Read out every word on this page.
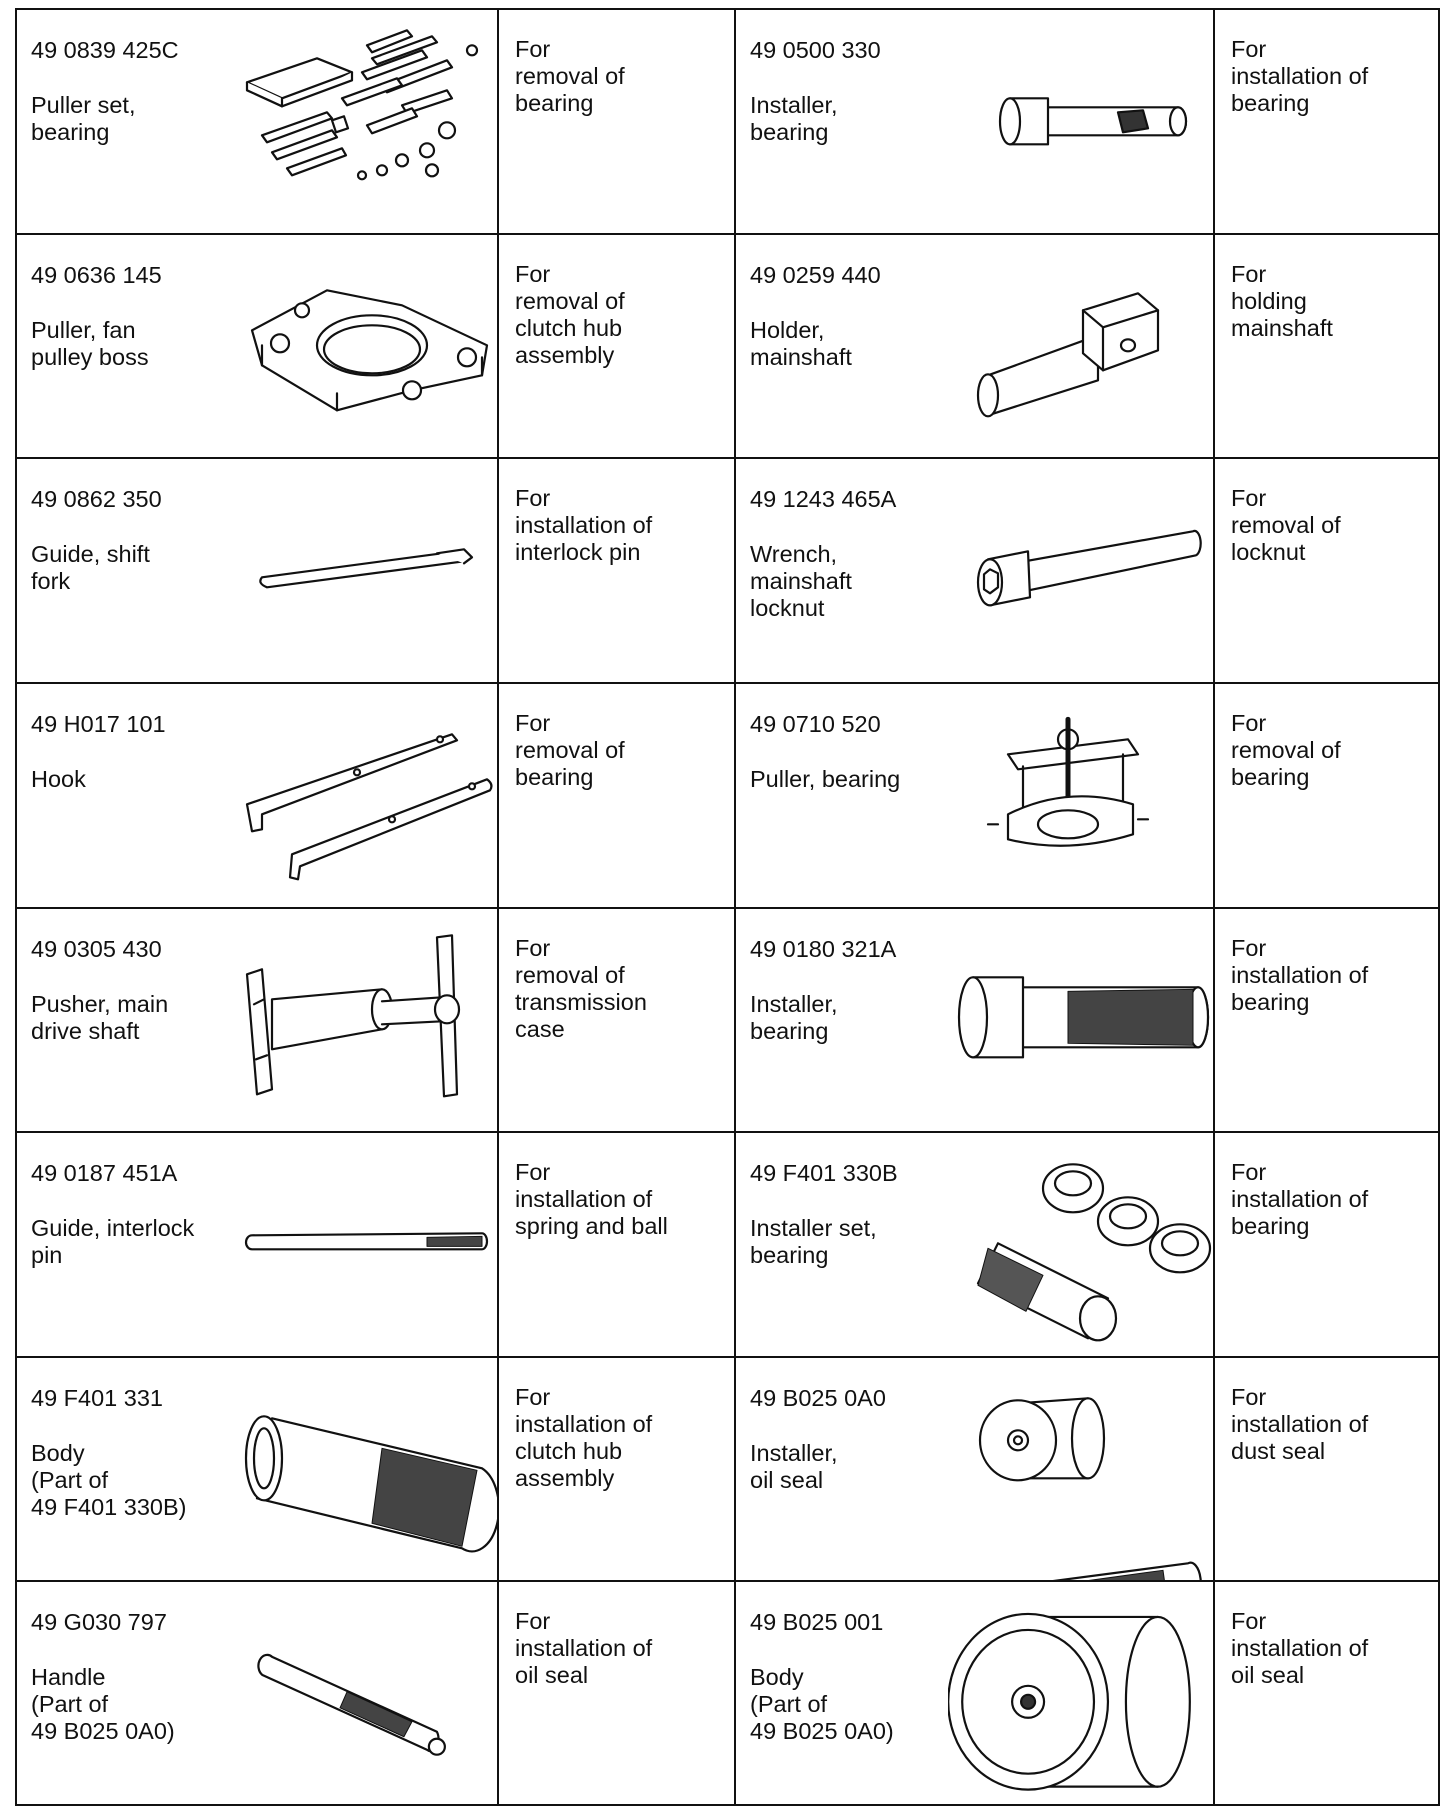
49 0839 425C
Puller set,
bearing	For
removal of
bearing	49 0500 330
Installer,
bearing	For
installation of
bearing

49 0636 145
Puller, fan
pulley boss	For
removal of
clutch hub
assembly	49 0259 440
Holder,
mainshaft	For
holding
mainshaft

49 0862 350
Guide, shift
fork	For
installation of
interlock pin	49 1243 465A
Wrench,
mainshaft
locknut	For
removal of
locknut

49 H017 101
Hook	For
removal of
bearing	49 0710 520
Puller, bearing	For
removal of
bearing

49 0305 430
Pusher, main
drive shaft	For
removal of
transmission
case	49 0180 321A
Installer,
bearing	For
installation of
bearing

49 0187 451A
Guide, interlock
pin	For
installation of
spring and ball	49 F401 330B
Installer set,
bearing	For
installation of
bearing

49 F401 331
Body
(Part of
49 F401 330B)	For
installation of
clutch hub
assembly	49 B025 0A0
Installer,
oil seal	For
installation of
dust seal

49 G030 797
Handle
(Part of
49 B025 0A0)	For
installation of
oil seal	49 B025 001
Body
(Part of
49 B025 0A0)	For
installation of
oil seal
